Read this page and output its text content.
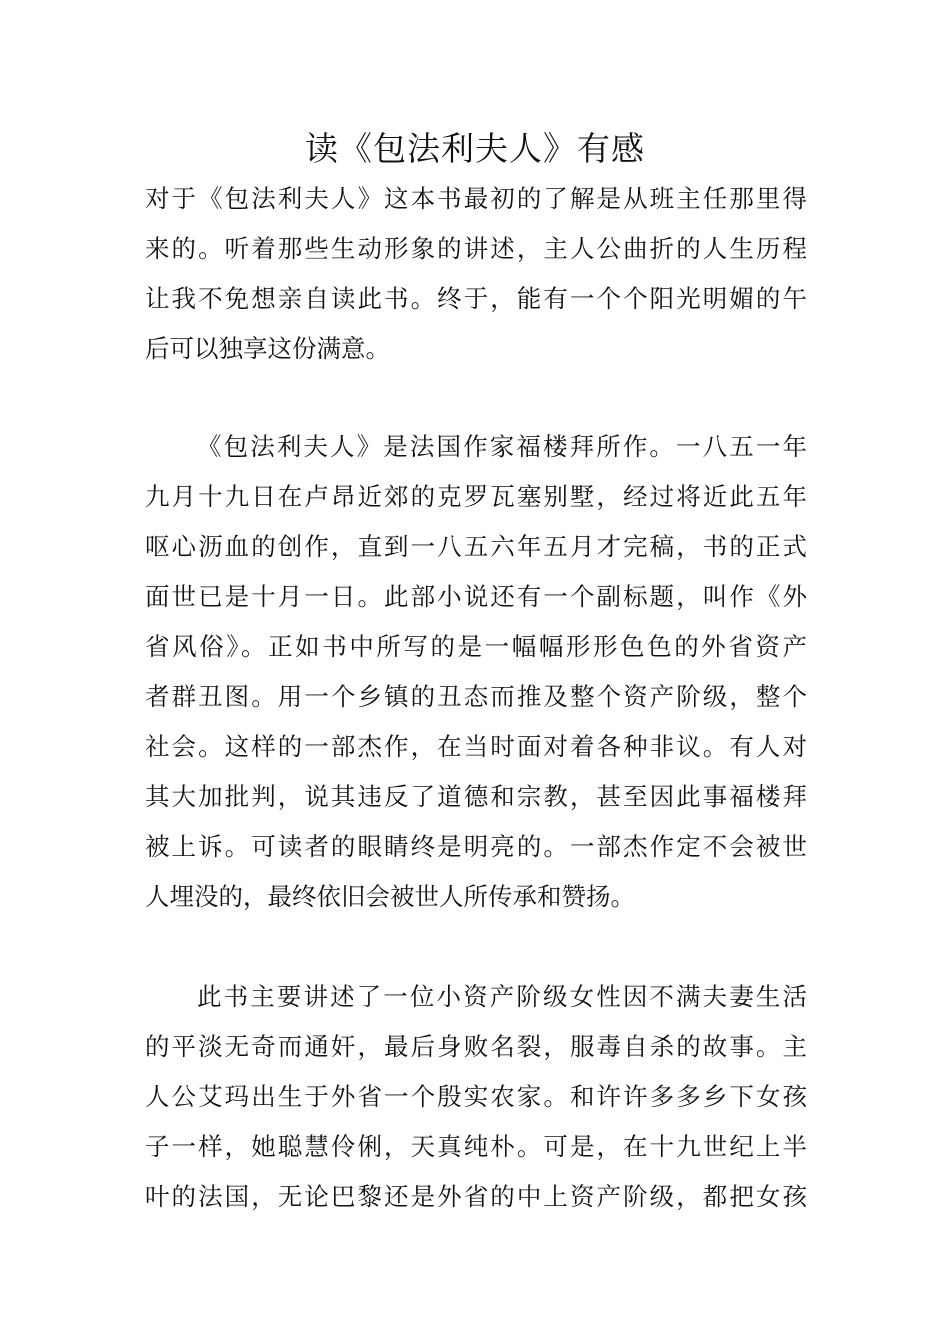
读《包法利夫人》有感
对于《包法利夫人》这本书最初的了解是从班主任那里得
来的。听着那些生动形象的讲述，主人公曲折的人生历程
让我不免想亲自读此书。终于，能有一个个阳光明媚的午
后可以独享这份满意。
《包法利夫人》是法国作家福楼拜所作。一八五一年
九月十九日在卢昂近郊的克罗瓦塞别墅，经过将近此五年
呕心沥血的创作，直到一八五六年五月才完稿，书的正式
面世已是十月一日。此部小说还有一个副标题，叫作《外
省风俗》。正如书中所写的是一幅幅形形色色的外省资产
者群丑图。用一个乡镇的丑态而推及整个资产阶级，整个
社会。这样的一部杰作，在当时面对着各种非议。有人对
其大加批判，说其违反了道德和宗教，甚至因此事福楼拜
被上诉。可读者的眼睛终是明亮的。一部杰作定不会被世
人埋没的，最终依旧会被世人所传承和赞扬。
此书主要讲述了一位小资产阶级女性因不满夫妻生活
的平淡无奇而通奸，最后身败名裂，服毒自杀的故事。主
人公艾玛出生于外省一个殷实农家。和许许多多乡下女孩
子一样，她聪慧伶俐，天真纯朴。可是，在十九世纪上半
叶的法国，无论巴黎还是外省的中上资产阶级，都把女孩
